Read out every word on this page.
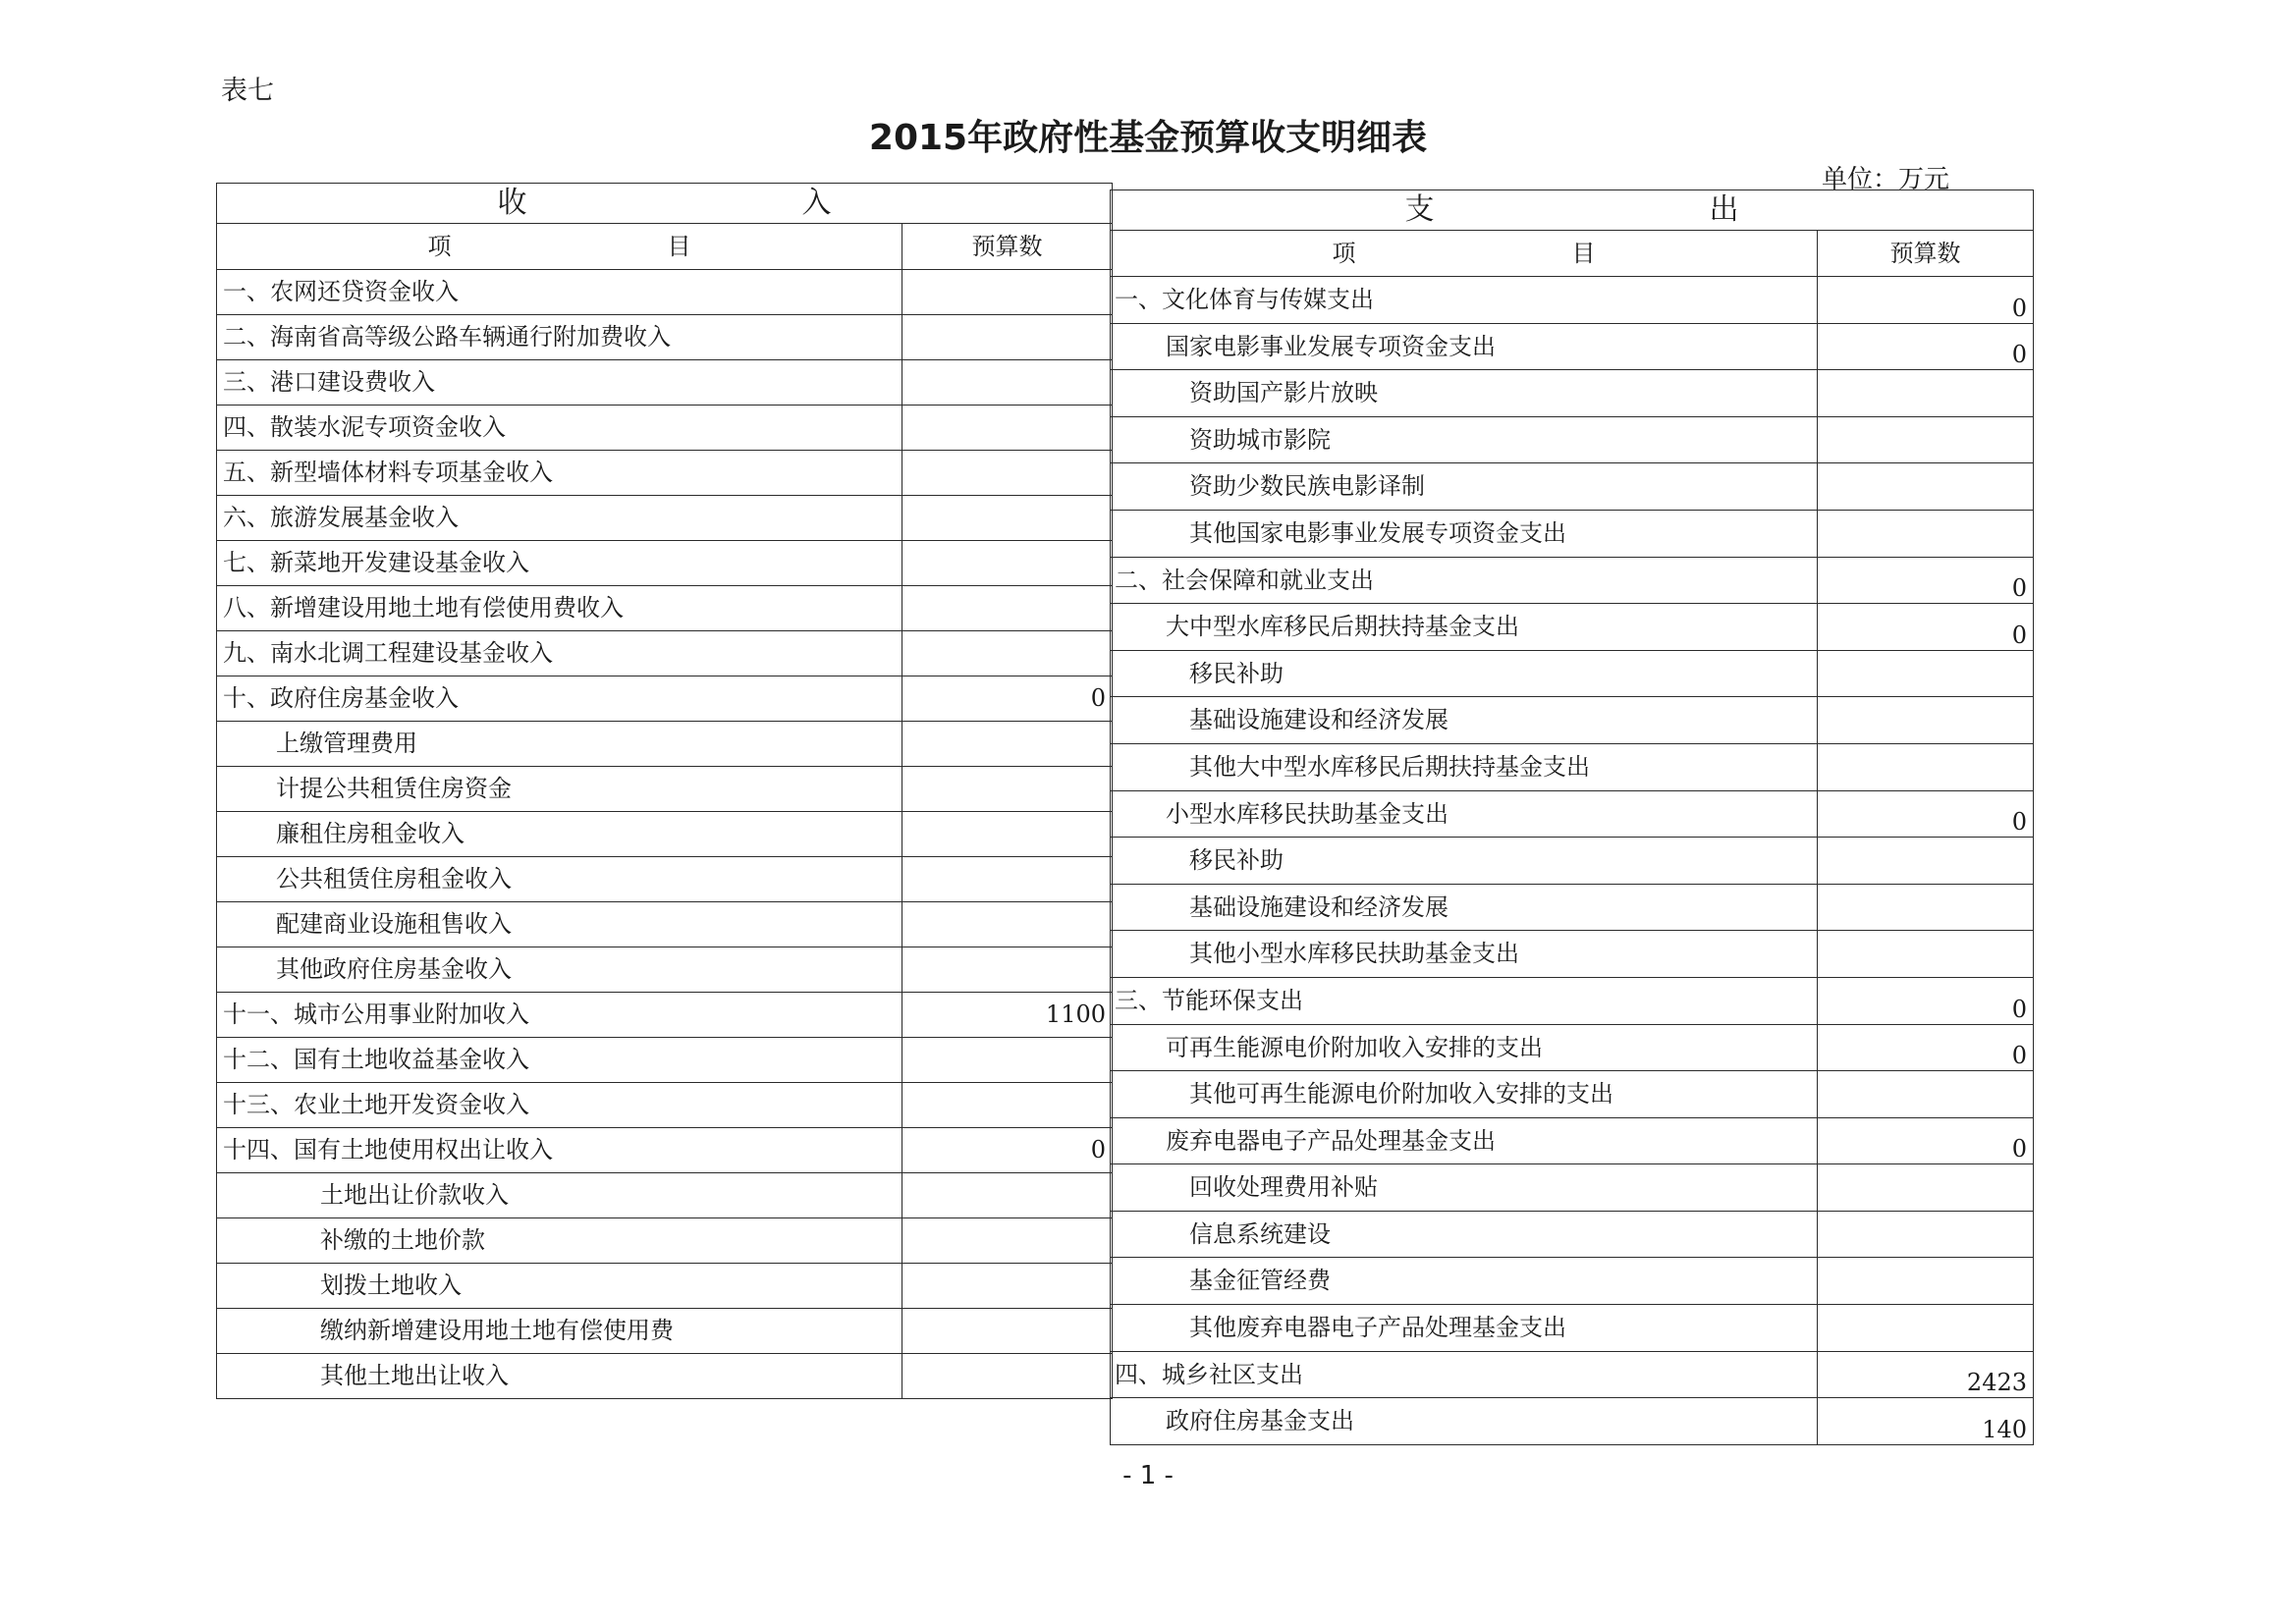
表七
2015年政府性基金预算收支明细表
单位：万元
收 入	
项 目	预算数
一、农网还贷资金收入	
二、海南省高等级公路车辆通行附加费收入	
三、港口建设费收入	
四、散装水泥专项资金收入	
五、新型墙体材料专项基金收入	
六、旅游发展基金收入	
七、新菜地开发建设基金收入	
八、新增建设用地土地有偿使用费收入	
九、南水北调工程建设基金收入	
十、政府住房基金收入	0
上缴管理费用	
计提公共租赁住房资金	
廉租住房租金收入	
公共租赁住房租金收入	
配建商业设施租售收入	
其他政府住房基金收入	
十一、城市公用事业附加收入	1100
十二、国有土地收益基金收入	
十三、农业土地开发资金收入	
十四、国有土地使用权出让收入	0
土地出让价款收入	
补缴的土地价款	
划拨土地收入	
缴纳新增建设用地土地有偿使用费	
其他土地出让收入	
支 出	
项 目	预算数
一、文化体育与传媒支出	0
国家电影事业发展专项资金支出	0
资助国产影片放映	
资助城市影院	
资助少数民族电影译制	
其他国家电影事业发展专项资金支出	
二、社会保障和就业支出	0
大中型水库移民后期扶持基金支出	0
移民补助	
基础设施建设和经济发展	
其他大中型水库移民后期扶持基金支出	
小型水库移民扶助基金支出	0
移民补助	
基础设施建设和经济发展	
其他小型水库移民扶助基金支出	
三、节能环保支出	0
可再生能源电价附加收入安排的支出	0
其他可再生能源电价附加收入安排的支出	
废弃电器电子产品处理基金支出	0
回收处理费用补贴	
信息系统建设	
基金征管经费	
其他废弃电器电子产品处理基金支出	
四、城乡社区支出	2423
政府住房基金支出	140
- 1 -
